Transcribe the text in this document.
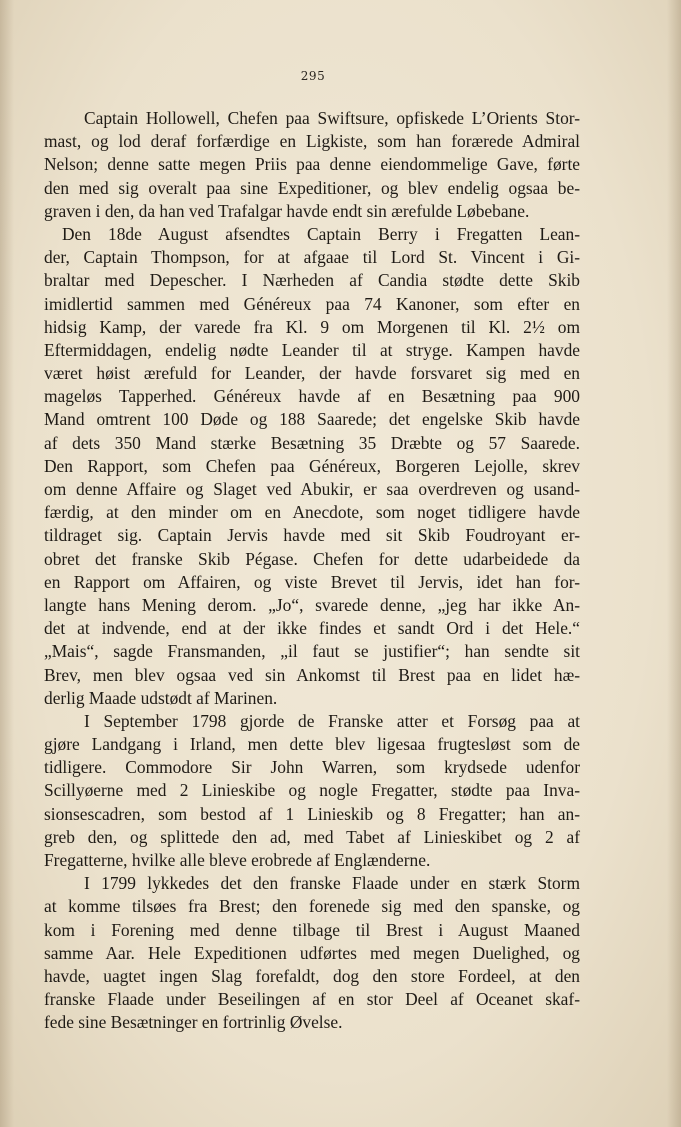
295
Captain Hollowell, Chefen paa Swiftsure, opfiskede L’Orients Stor-
mast, og lod deraf forfærdige en Ligkiste, som han forærede Admiral
Nelson; denne satte megen Priis paa denne eiendommelige Gave, førte
den med sig overalt paa sine Expeditioner, og blev endelig ogsaa be-
graven i den, da han ved Trafalgar havde endt sin ærefulde Løbebane.
Den 18de August afsendtes Captain Berry i Fregatten Lean-
der, Captain Thompson, for at afgaae til Lord St. Vincent i Gi-
braltar med Depescher. I Nærheden af Candia stødte dette Skib
imidlertid sammen med Généreux paa 74 Kanoner, som efter en
hidsig Kamp, der varede fra Kl. 9 om Morgenen til Kl. 2½ om
Eftermiddagen, endelig nødte Leander til at stryge. Kampen havde
været høist ærefuld for Leander, der havde forsvaret sig med en
mageløs Tapperhed. Généreux havde af en Besætning paa 900
Mand omtrent 100 Døde og 188 Saarede; det engelske Skib havde
af dets 350 Mand stærke Besætning 35 Dræbte og 57 Saarede.
Den Rapport, som Chefen paa Généreux, Borgeren Lejolle, skrev
om denne Affaire og Slaget ved Abukir, er saa overdreven og usand-
færdig, at den minder om en Anecdote, som noget tidligere havde
tildraget sig. Captain Jervis havde med sit Skib Foudroyant er-
obret det franske Skib Pégase. Chefen for dette udarbeidede da
en Rapport om Affairen, og viste Brevet til Jervis, idet han for-
langte hans Mening derom. „Jo“, svarede denne, „jeg har ikke An-
det at indvende, end at der ikke findes et sandt Ord i det Hele.“
„Mais“, sagde Fransmanden, „il faut se justifier“; han sendte sit
Brev, men blev ogsaa ved sin Ankomst til Brest paa en lidet hæ-
derlig Maade udstødt af Marinen.
I September 1798 gjorde de Franske atter et Forsøg paa at
gjøre Landgang i Irland, men dette blev ligesaa frugtesløst som de
tidligere. Commodore Sir John Warren, som krydsede udenfor
Scillyøerne med 2 Linieskibe og nogle Fregatter, stødte paa Inva-
sionsescadren, som bestod af 1 Linieskib og 8 Fregatter; han an-
greb den, og splittede den ad, med Tabet af Linieskibet og 2 af
Fregatterne, hvilke alle bleve erobrede af Englænderne.
I 1799 lykkedes det den franske Flaade under en stærk Storm
at komme tilsøes fra Brest; den forenede sig med den spanske, og
kom i Forening med denne tilbage til Brest i August Maaned
samme Aar. Hele Expeditionen udførtes med megen Duelighed, og
havde, uagtet ingen Slag forefaldt, dog den store Fordeel, at den
franske Flaade under Beseilingen af en stor Deel af Oceanet skaf-
fede sine Besætninger en fortrinlig Øvelse.
